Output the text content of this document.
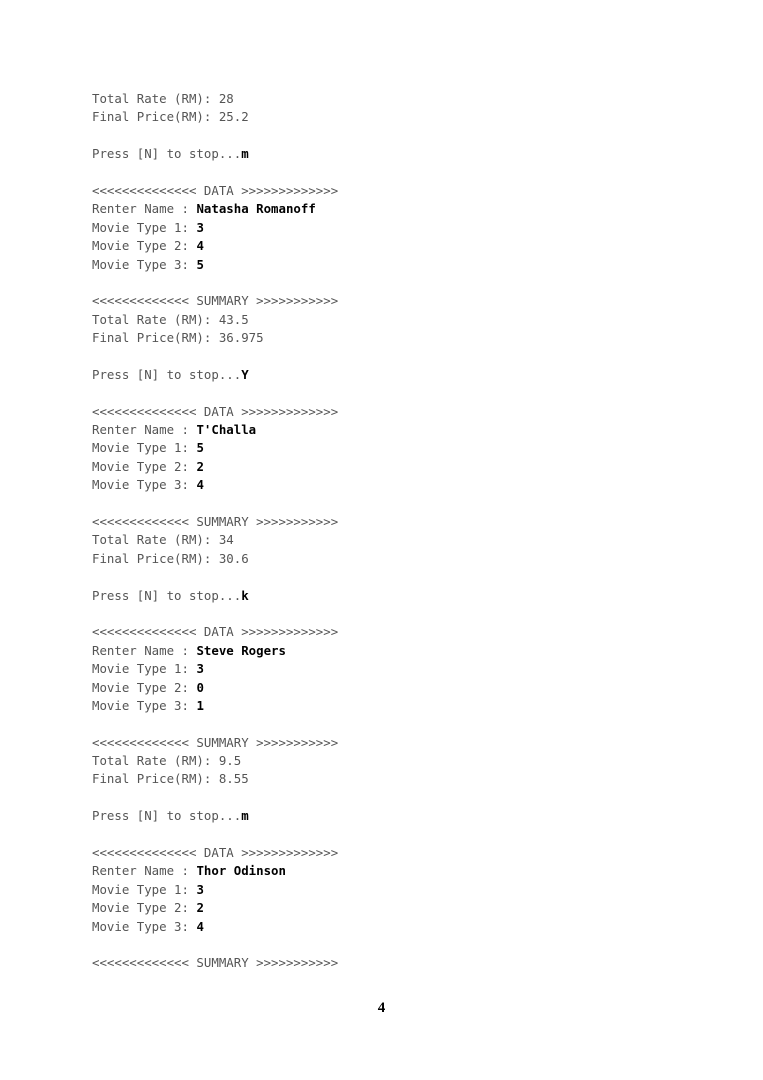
Total Rate (RM): 28
Final Price(RM): 25.2
Press [N] to stop...m
<<<<<<<<<<<<<< DATA >>>>>>>>>>>>>
Renter Name : Natasha Romanoff
Movie Type 1: 3
Movie Type 2: 4
Movie Type 3: 5
<<<<<<<<<<<<< SUMMARY >>>>>>>>>>>
Total Rate (RM): 43.5
Final Price(RM): 36.975
Press [N] to stop...Y
<<<<<<<<<<<<<< DATA >>>>>>>>>>>>>
Renter Name : T'Challa
Movie Type 1: 5
Movie Type 2: 2
Movie Type 3: 4
<<<<<<<<<<<<< SUMMARY >>>>>>>>>>>
Total Rate (RM): 34
Final Price(RM): 30.6
Press [N] to stop...k
<<<<<<<<<<<<<< DATA >>>>>>>>>>>>>
Renter Name : Steve Rogers
Movie Type 1: 3
Movie Type 2: 0
Movie Type 3: 1
<<<<<<<<<<<<< SUMMARY >>>>>>>>>>>
Total Rate (RM): 9.5
Final Price(RM): 8.55
Press [N] to stop...m
<<<<<<<<<<<<<< DATA >>>>>>>>>>>>>
Renter Name : Thor Odinson
Movie Type 1: 3
Movie Type 2: 2
Movie Type 3: 4
<<<<<<<<<<<<< SUMMARY >>>>>>>>>>>
4
